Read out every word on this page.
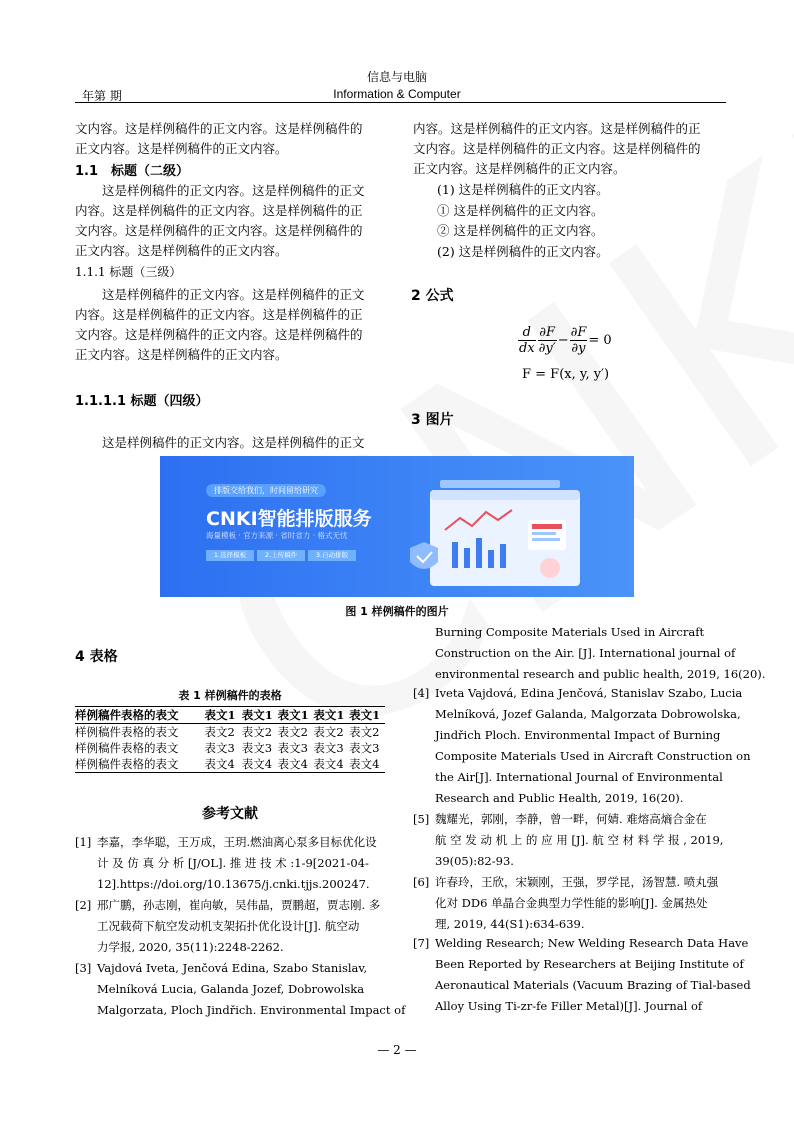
信息与电脑
年第 期	Information & Computer
文内容。这是样例稿件的正文内容。这是样例稿件的
正文内容。这是样例稿件的正文内容。
1.1　标题（二级）
这是样例稿件的正文内容。这是样例稿件的正文
内容。这是样例稿件的正文内容。这是样例稿件的正
文内容。这是样例稿件的正文内容。这是样例稿件的
正文内容。这是样例稿件的正文内容。
1.1.1 标题（三级）
这是样例稿件的正文内容。这是样例稿件的正文
内容。这是样例稿件的正文内容。这是样例稿件的正
文内容。这是样例稿件的正文内容。这是样例稿件的
正文内容。这是样例稿件的正文内容。
1.1.1.1 标题（四级）
这是样例稿件的正文内容。这是样例稿件的正文
内容。这是样例稿件的正文内容。这是样例稿件的正
文内容。这是样例稿件的正文内容。这是样例稿件的
正文内容。这是样例稿件的正文内容。
(1) 这是样例稿件的正文内容。
① 这是样例稿件的正文内容。
② 这是样例稿件的正文内容。
(2) 这是样例稿件的正文内容。
2 公式
3 图片
$\frac{d}{dx} \frac{\partial F}{\partial y'} - \frac{\partial F}{\partial y} = 0$
F = F(x, y, y′)
排版交给我们，时间留给研究
CNKI智能排版服务
海量模板 · 官方来源 · 省时省力 · 格式无忧
1.选择模板	2.上传稿件	3.自动排版
图 1 样例稿件的图片
4 表格
表 1 样例稿件的表格
样例稿件表格的表文	表文1	表文1	表文1	表文1	表文1
样例稿件表格的表文	表文2	表文2	表文2	表文2	表文2
样例稿件表格的表文	表文3	表文3	表文3	表文3	表文3
样例稿件表格的表文	表文4	表文4	表文4	表文4	表文4
参考文献
[1] 李嘉，李华聪，王万成，王玥.燃油离心泵多目标优化设
计 及 仿 真 分 析 [J/OL]. 推 进 技 术 :1-9[2021-04-
12].https://doi.org/10.13675/j.cnki.tjjs.200247.
[2] 邢广鹏，孙志刚，崔向敏，吴伟晶，贾鹏超，贾志刚. 多
工况载荷下航空发动机支架拓扑优化设计[J]. 航空动
力学报, 2020, 35(11):2248-2262.
[3] Vajdová Iveta, Jenčová Edina, Szabo Stanislav,
Melníková Lucia, Galanda Jozef, Dobrowolska
Malgorzata, Ploch Jindřich. Environmental Impact of
Burning Composite Materials Used in Aircraft
Construction on the Air. [J]. International journal of
environmental research and public health, 2019, 16(20).
[4] Iveta Vajdová, Edina Jenčová, Stanislav Szabo, Lucia
Melníková, Jozef Galanda, Malgorzata Dobrowolska,
Jindřich Ploch. Environmental Impact of Burning
Composite Materials Used in Aircraft Construction on
the Air[J]. International Journal of Environmental
Research and Public Health, 2019, 16(20).
[5] 魏耀光，郭刚，李静，曾一畔，何婧. 难熔高熵合金在
航 空 发 动 机 上 的 应 用 [J]. 航 空 材 料 学 报 , 2019,
39(05):82-93.
[6] 许春玲，王欣，宋颖刚，王强，罗学昆，汤智慧. 喷丸强
化对 DD6 单晶合金典型力学性能的影响[J]. 金属热处
理, 2019, 44(S1):634-639.
[7] Welding Research; New Welding Research Data Have
Been Reported by Researchers at Beijing Institute of
Aeronautical Materials (Vacuum Brazing of Tial-based
Alloy Using Ti-zr-fe Filler Metal)[J]. Journal of
— 2 —
